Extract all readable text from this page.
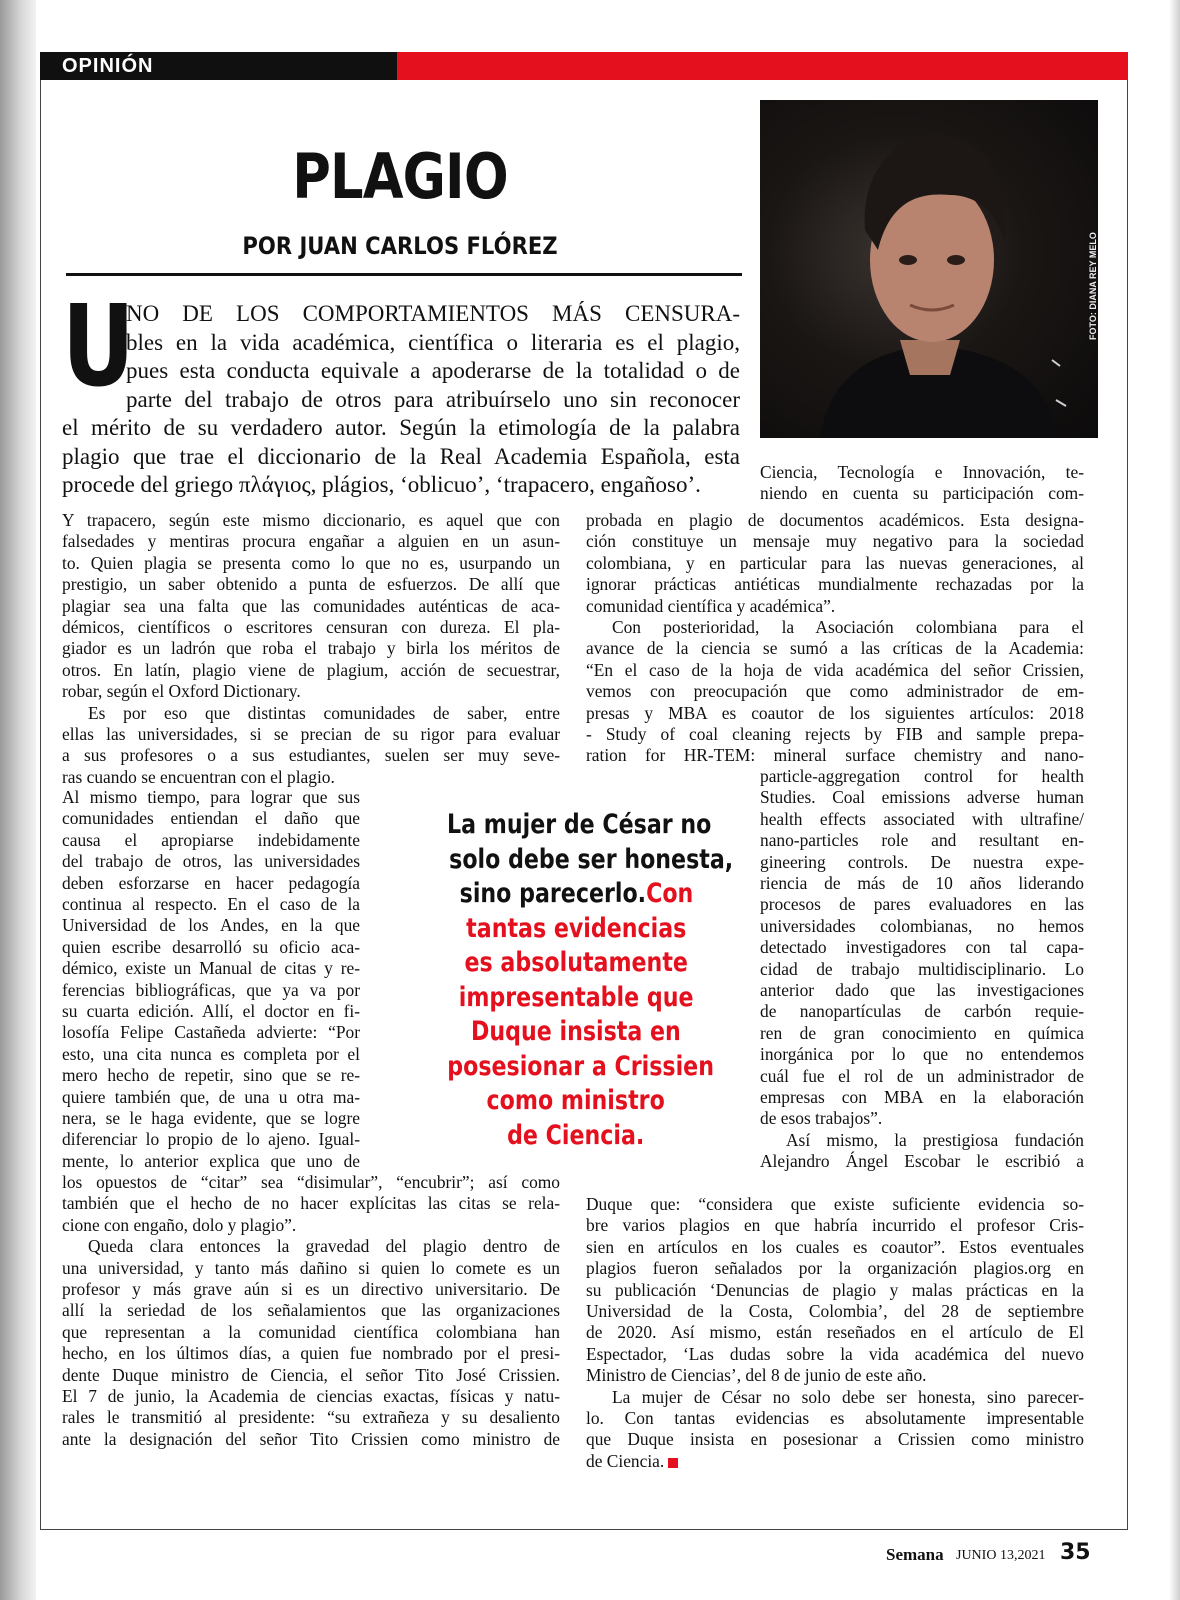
OPINIÓN
PLAGIO
POR JUAN CARLOS FLÓREZ	FOTO: DIANA REY MELO
U
NO DE LOS COMPORTAMIENTOS MÁS CENSURA-
bles en la vida académica, científica o literaria es el plagio,
pues esta conducta equivale a apoderarse de la totalidad o de
parte del trabajo de otros para atribuírselo uno sin reconocer
el mérito de su verdadero autor. Según la etimología de la palabra
plagio que trae el diccionario de la Real Academia Española, esta
procede del griego πλάγιος, plágios, ‘oblicuo’, ‘trapacero, engañoso’.
Y trapacero, según este mismo diccionario, es aquel que con
falsedades y mentiras procura engañar a alguien en un asun-
to. Quien plagia se presenta como lo que no es, usurpando un
prestigio, un saber obtenido a punta de esfuerzos. De allí que
plagiar sea una falta que las comunidades auténticas de aca-
démicos, científicos o escritores censuran con dureza. El pla-
giador es un ladrón que roba el trabajo y birla los méritos de
otros. En latín, plagio viene de plagium, acción de secuestrar,
robar, según el Oxford Dictionary.
Es por eso que distintas comunidades de saber, entre
ellas las universidades, si se precian de su rigor para evaluar
a sus profesores o a sus estudiantes, suelen ser muy seve-
ras cuando se encuentran con el plagio.
Al mismo tiempo, para lograr que sus
comunidades entiendan el daño que
causa el apropiarse indebidamente
del trabajo de otros, las universidades
deben esforzarse en hacer pedagogía
continua al respecto. En el caso de la
Universidad de los Andes, en la que
quien escribe desarrolló su oficio aca-
démico, existe un Manual de citas y re-
ferencias bibliográficas, que ya va por
su cuarta edición. Allí, el doctor en fi-
losofía Felipe Castañeda advierte: “Por
esto, una cita nunca es completa por el
mero hecho de repetir, sino que se re-
quiere también que, de una u otra ma-
nera, se le haga evidente, que se logre
diferenciar lo propio de lo ajeno. Igual-
mente, lo anterior explica que uno de
los opuestos de “citar” sea “disimular”, “encubrir”; así como
también que el hecho de no hacer explícitas las citas se rela-
cione con engaño, dolo y plagio”.
Queda clara entonces la gravedad del plagio dentro de
una universidad, y tanto más dañino si quien lo comete es un
profesor y más grave aún si es un directivo universitario. De
allí la seriedad de los señalamientos que las organizaciones
que representan a la comunidad científica colombiana han
hecho, en los últimos días, a quien fue nombrado por el presi-
dente Duque ministro de Ciencia, el señor Tito José Crissien.
El 7 de junio, la Academia de ciencias exactas, físicas y natu-
rales le transmitió al presidente: “su extrañeza y su desaliento
ante la designación del señor Tito Crissien como ministro de
Ciencia, Tecnología e Innovación, te-
niendo en cuenta su participación com-
probada en plagio de documentos académicos. Esta designa-
ción constituye un mensaje muy negativo para la sociedad
colombiana, y en particular para las nuevas generaciones, al
ignorar prácticas antiéticas mundialmente rechazadas por la
comunidad científica y académica”.
Con posterioridad, la Asociación colombiana para el
avance de la ciencia se sumó a las críticas de la Academia:
“En el caso de la hoja de vida académica del señor Crissien,
vemos con preocupación que como administrador de em-
presas y MBA es coautor de los siguientes artículos: 2018
- Study of coal cleaning rejects by FIB and sample prepa-
ration for HR-TEM: mineral surface chemistry and nano-
particle-aggregation control for health
Studies. Coal emissions adverse human
health effects associated with ultrafine/
nano-particles role and resultant en-
gineering controls. De nuestra expe-
riencia de más de 10 años liderando
procesos de pares evaluadores en las
universidades colombianas, no hemos
detectado investigadores con tal capa-
cidad de trabajo multidisciplinario. Lo
anterior dado que las investigaciones
de nanopartículas de carbón requie-
ren de gran conocimiento en química
inorgánica por lo que no entendemos
cuál fue el rol de un administrador de
empresas con MBA en la elaboración
de esos trabajos”.
Así mismo, la prestigiosa fundación
Alejandro Ángel Escobar le escribió a
Duque que: “considera que existe suficiente evidencia so-
bre varios plagios en que habría incurrido el profesor Cris-
sien en artículos en los cuales es coautor”. Estos eventuales
plagios fueron señalados por la organización plagios.org en
su publicación ‘Denuncias de plagio y malas prácticas en la
Universidad de la Costa, Colombia’, del 28 de septiembre
de 2020. Así mismo, están reseñados en el artículo de El
Espectador, ‘Las dudas sobre la vida académica del nuevo
Ministro de Ciencias’, del 8 de junio de este año.
La mujer de César no solo debe ser honesta, sino parecer-
lo. Con tantas evidencias es absolutamente impresentable
que Duque insista en posesionar a Crissien como ministro
de Ciencia.
La mujer de César no
solo debe ser honesta,
sino parecerlo.Con
tantas evidencias
es absolutamente
impresentable que
Duque insista en
posesionar a Crissien
como ministro
de Ciencia.
Semana JUNIO 13,2021 35
